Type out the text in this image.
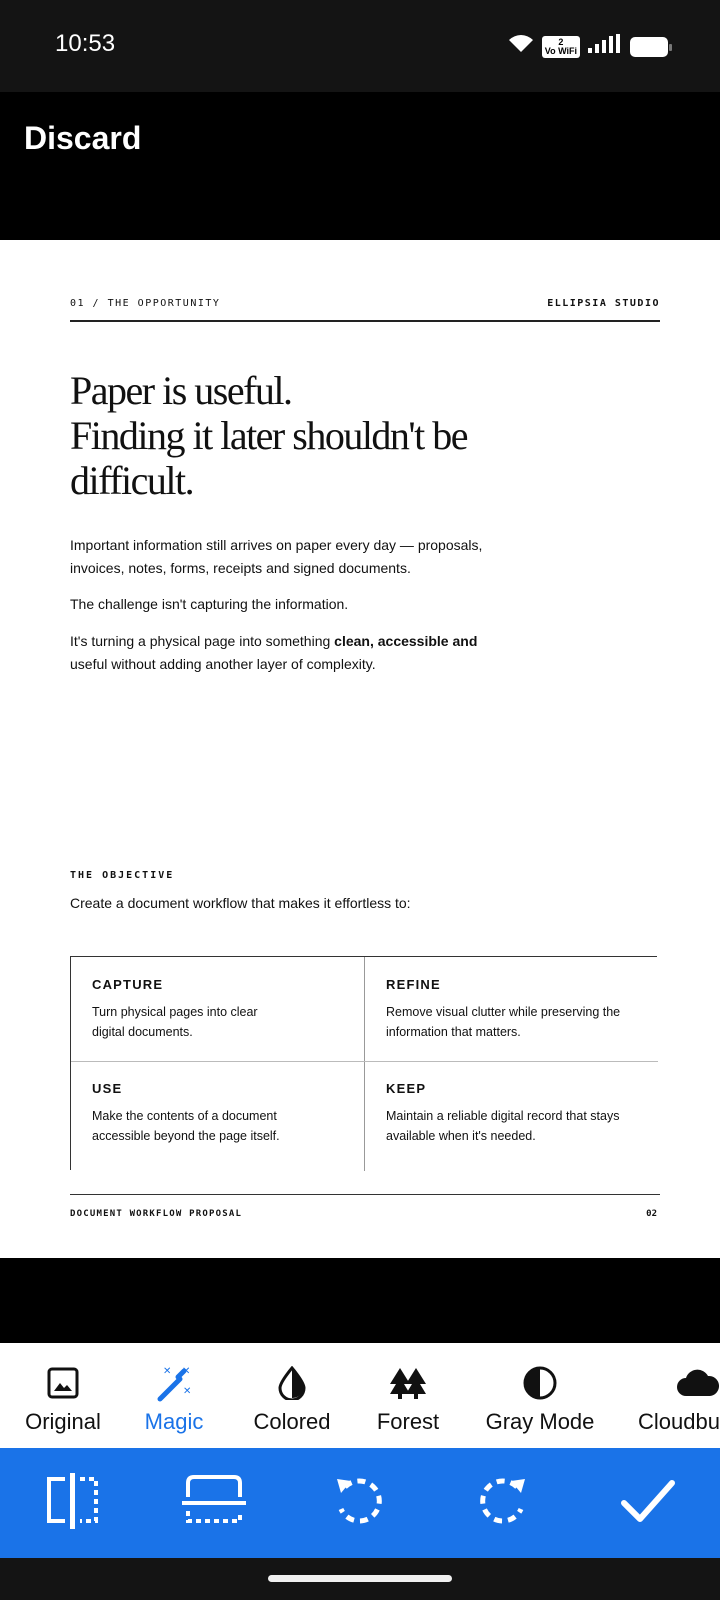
10:53	2
Vo WiFi
Discard
01 / THE OPPORTUNITY	ELLIPSIA STUDIO
Paper is useful.
Finding it later shouldn't be
difficult.
Important information still arrives on paper every day — proposals, invoices, notes, forms, receipts and signed documents.
The challenge isn't capturing the information.
It's turning a physical page into something clean, accessible and
useful without adding another layer of complexity.
THE OBJECTIVE
Create a document workflow that makes it effortless to:
CAPTURE
Turn physical pages into clear digital documents.
REFINE
Remove visual clutter while preserving the information that matters.
USE
Make the contents of a document accessible beyond the page itself.
KEEP
Maintain a reliable digital record that stays available when it's needed.
DOCUMENT WORKFLOW PROPOSAL	02
Original
✕ ✕
✕
Magic	Colored	Forest	Gray Mode	Cloudbu
